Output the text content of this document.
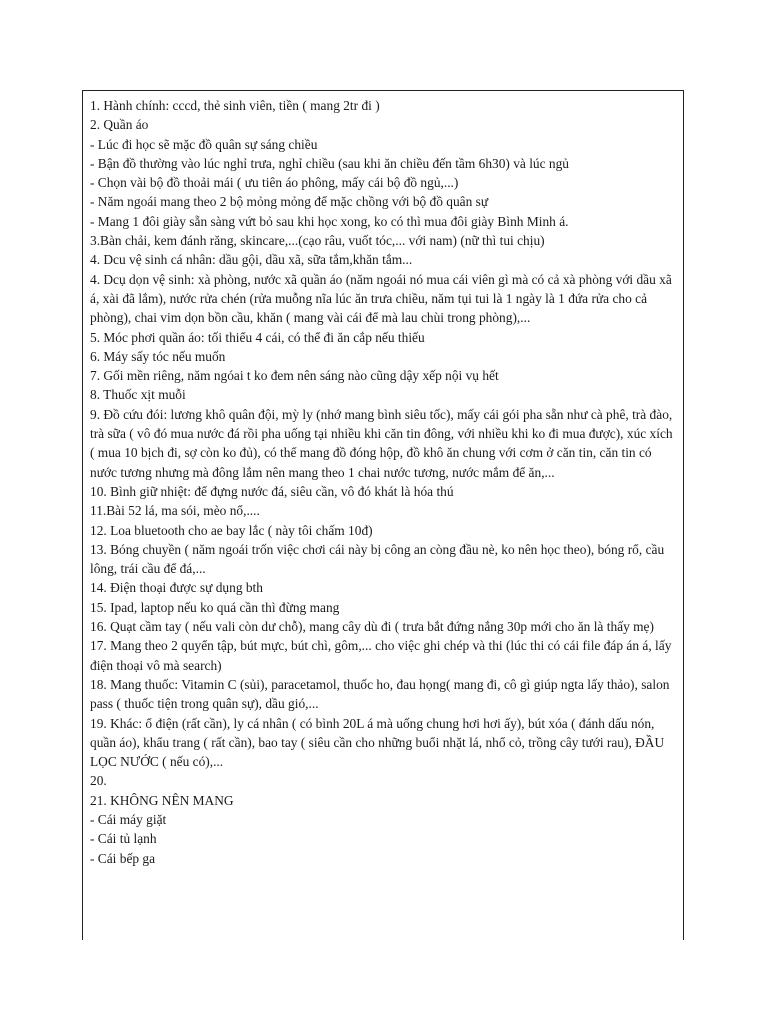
1. Hành chính: cccd, thẻ sinh viên, tiền ( mang 2tr đi )

2. Quần áo

- Lúc đi học sẽ mặc đồ quân sự sáng chiều

- Bận đồ thường vào lúc nghỉ trưa, nghỉ chiều (sau khi ăn chiều đến tầm 6h30) và lúc ngủ

- Chọn vài bộ đồ thoải mái ( ưu tiên áo phông, mấy cái bộ đồ ngủ,...)

- Năm ngoái mang theo 2 bộ mỏng mỏng để mặc chồng với bộ đồ quân sự

- Mang 1 đôi giày sẵn sàng vứt bỏ sau khi học xong, ko có thì mua đôi giày Bình Minh á.

3.Bàn chải, kem đánh răng, skincare,...(cạo râu, vuốt tóc,... với nam) (nữ thì tui chịu)

4. Dcu vệ sinh cá nhân: dầu gội, dầu xã, sữa tắm,khăn tắm...

4. Dcụ dọn vệ sinh: xà phòng, nước xã quần áo (năm ngoái nó mua cái viên gì mà có cả xà phòng với dầu xã á, xài đã lắm), nước rửa chén (rửa muỗng nĩa lúc ăn trưa chiều, năm tụi tui là 1 ngày là 1 đứa rửa cho cả phòng), chai vim dọn bồn cầu, khăn ( mang vài cái để mà lau chùi trong phòng),...

5. Móc phơi quần áo: tối thiểu 4 cái, có thể đi ăn cắp nếu thiếu

6. Máy sấy tóc nếu muốn

7. Gối mền riêng, năm ngóai t ko đem nên sáng nào cũng dậy xếp nội vụ hết

8. Thuốc xịt muỗi

9. Đồ cứu đói: lương khô quân đội, mỳ ly (nhớ mang bình siêu tốc), mấy cái gói pha sẵn như cà phê, trà đào, trà sữa ( vô đó mua nước đá rồi pha uống tại nhiều khi căn tin đông, với nhiều khi ko đi mua được), xúc xích ( mua 10 bịch đi, sợ còn ko đủ), có thể mang đồ đóng hộp, đồ khô ăn chung với cơm ở căn tin, căn tin có nước tương nhưng mà đông lắm nên mang theo 1 chai nước tương, nước mắm để ăn,...

10. Bình giữ nhiệt: để đựng nước đá, siêu cần, vô đó khát là hóa thú

11.Bài 52 lá, ma sói, mèo nổ,....

12. Loa bluetooth cho ae bay lắc ( này tôi chấm 10đ)

13. Bóng chuyền ( năm ngoái trốn việc chơi cái này bị công an còng đầu nè, ko nên học theo), bóng rổ, cầu lông, trái cầu để đá,...

14. Điện thoại được sự dụng bth

15. Ipad, laptop nếu ko quá cần thì đừng mang

16. Quạt cầm tay ( nếu vali còn dư chỗ), mang cây dù đi ( trưa bắt đứng nắng 30p mới cho ăn là thấy mẹ)

17. Mang theo 2 quyển tập, bút mực, bút chì, gôm,... cho việc ghi chép và thi (lúc thi có cái file đáp án á, lấy điện thoại vô mà search)

18. Mang thuốc: Vitamin C (sủi), paracetamol, thuốc ho, đau họng( mang đi, cô gì giúp ngta lấy thảo), salon pass ( thuốc tiện trong quân sự), dầu gió,...

19. Khác: ổ điện (rất cần), ly cá nhân ( có bình 20L á mà uống chung hơi hơi ấy), bút xóa ( đánh dấu nón, quần áo), khẩu trang ( rất cần), bao tay ( siêu cần cho những buổi nhặt lá, nhổ cỏ, trồng cây tưới rau), ĐẦU LỌC NƯỚC ( nếu có),...

20.

21. KHÔNG NÊN MANG

- Cái máy giặt

- Cái tủ lạnh

- Cái bếp ga
